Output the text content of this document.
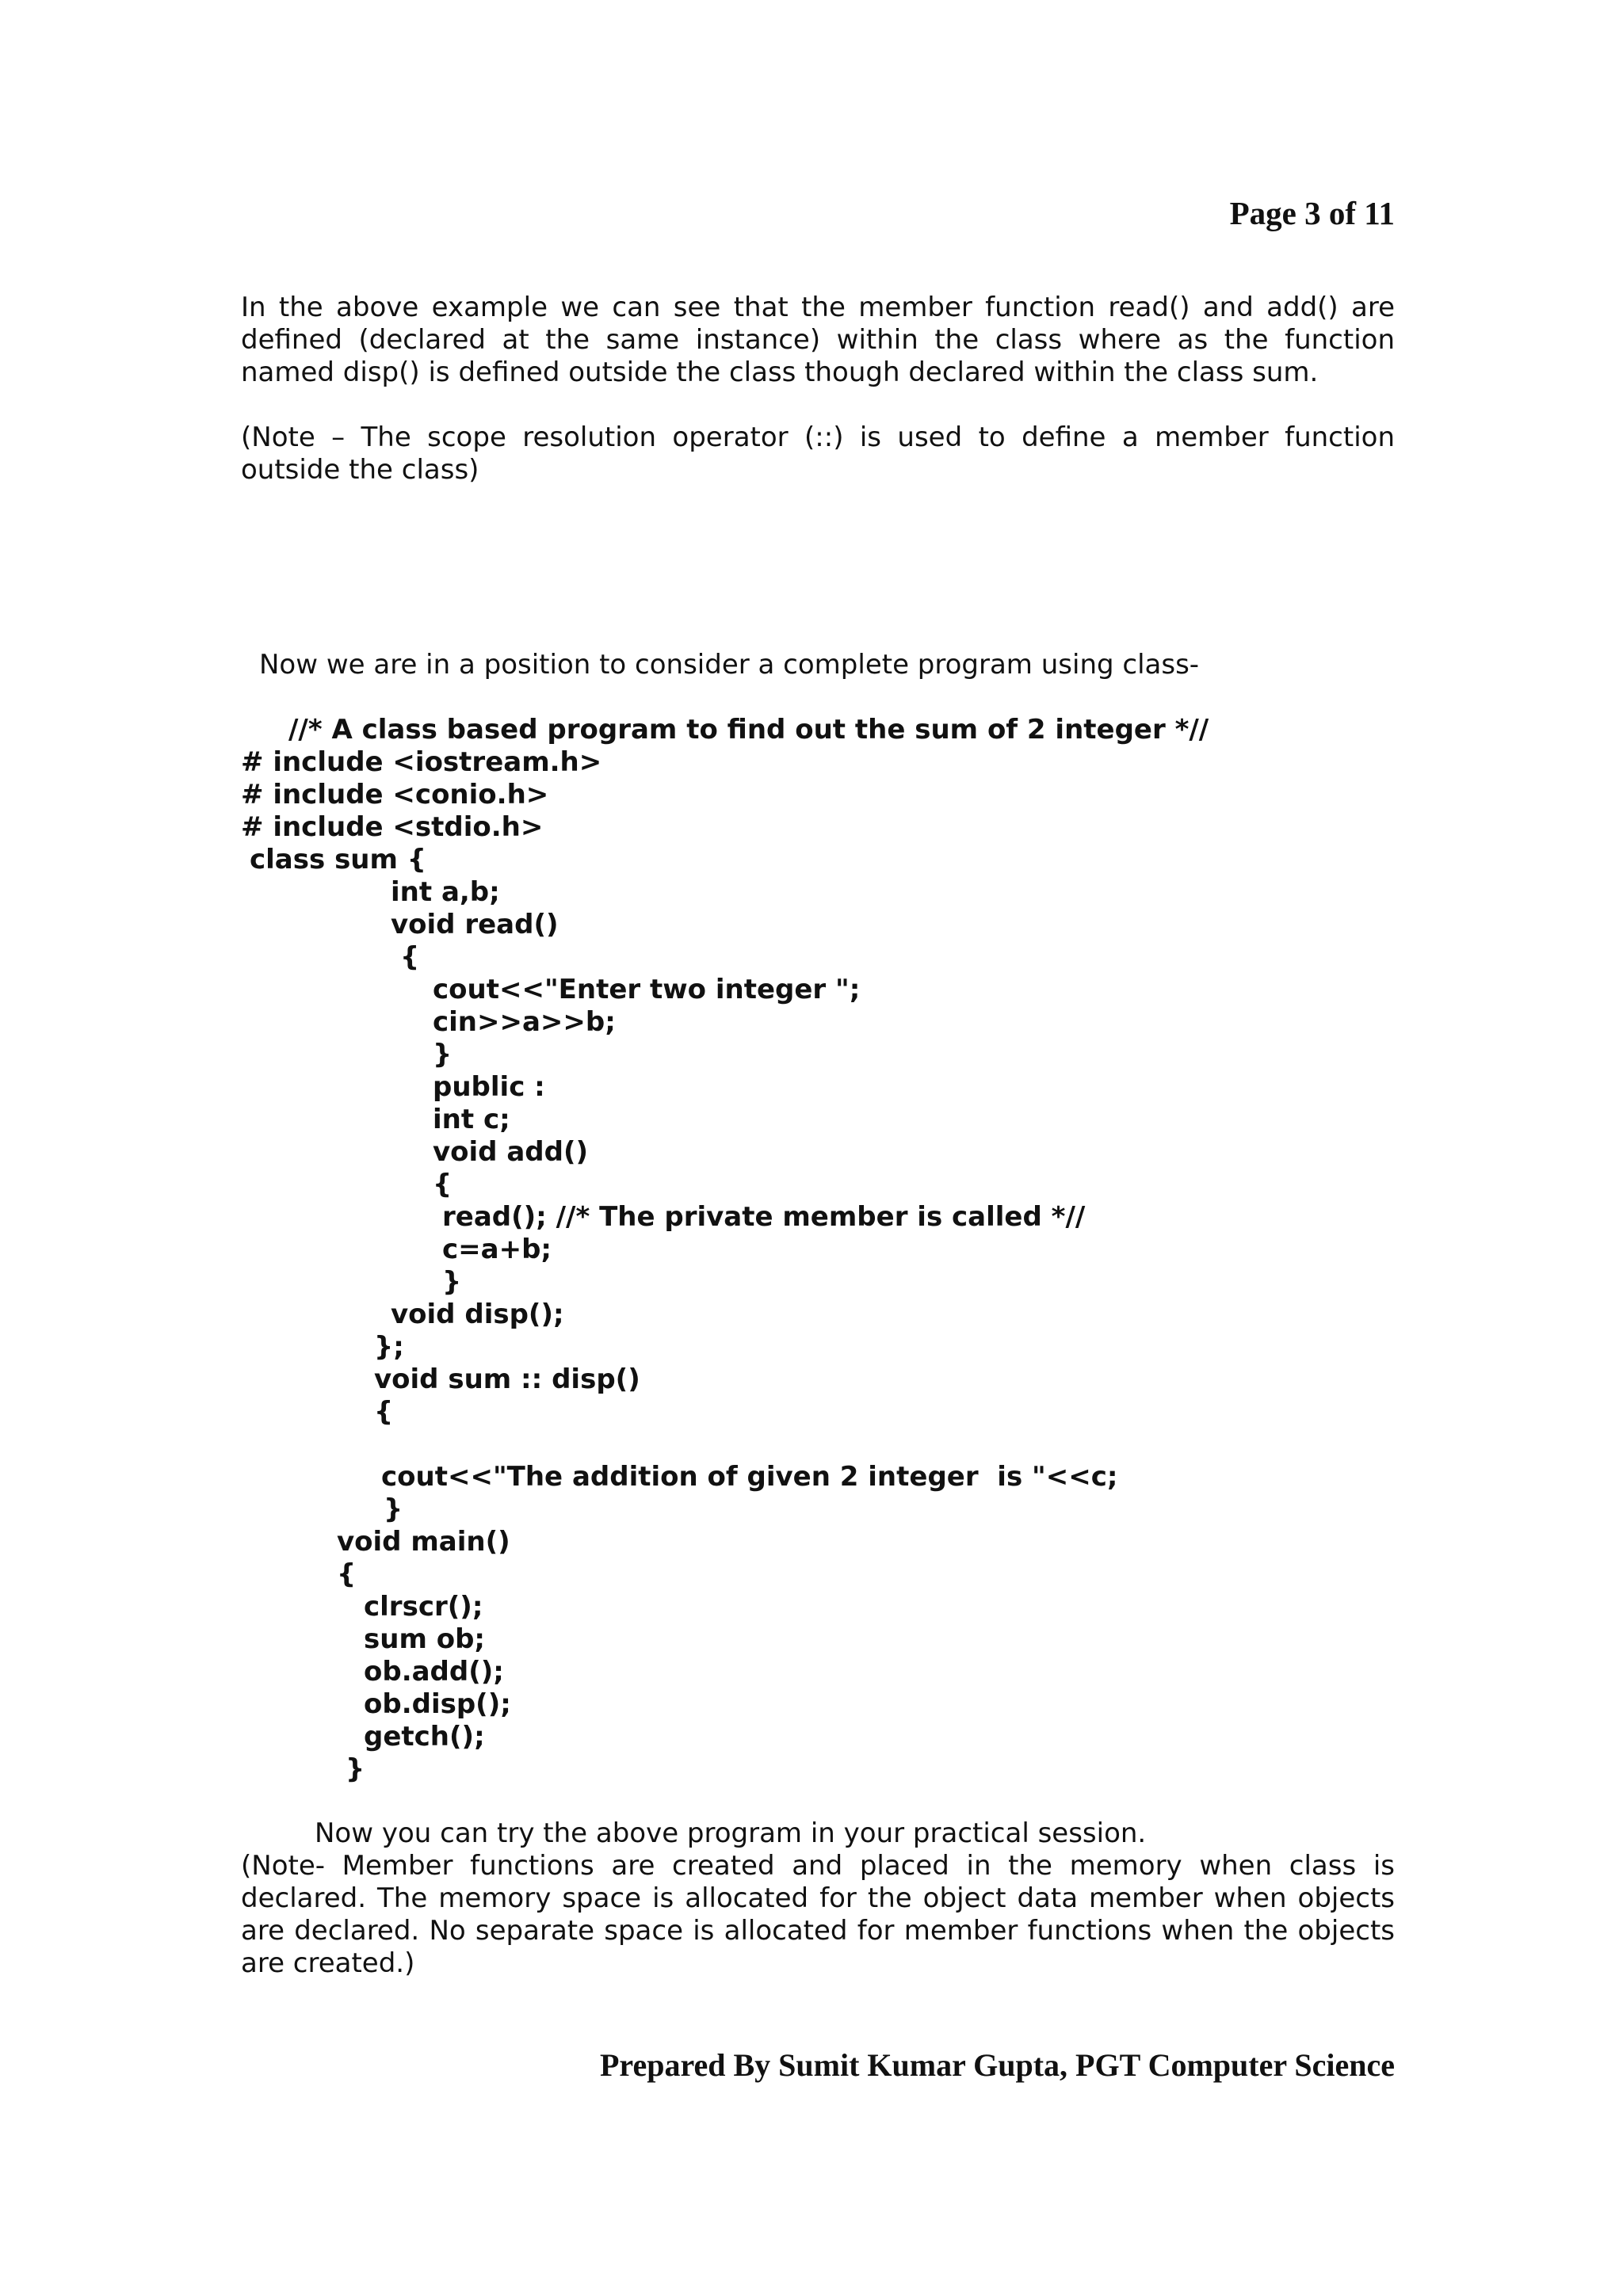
Page 3 of 11

In the above example we can see that the member function read() and add() are defined (declared at the same instance) within the class where as the function named disp() is defined outside the class though declared within the class sum.

(Note – The scope resolution operator (::) is used to define a member function outside the class)

Now we are in a position to consider a complete program using class-
//* A class based program to find out the sum of 2 integer *//
# include <iostream.h>
# include <conio.h>
# include <stdio.h>
class sum {
int a,b;
void read()
{
cout<<"Enter two integer ";
cin>>a>>b;
}
public :
int c;
void add()
{
read(); //* The private member is called *//
c=a+b;
}
void disp();
};
void sum :: disp()
{
cout<<"The addition of given 2 integer  is "<<c;
}
void main()
{
clrscr();
sum ob;
ob.add();
ob.disp();
getch();
}
Now you can try the above program in your practical session.

(Note- Member functions are created and placed in the memory when class is declared. The memory space is allocated for the object data member when objects are declared. No separate space is allocated for member functions when the objects are created.)

Prepared By Sumit Kumar Gupta, PGT Computer Science
